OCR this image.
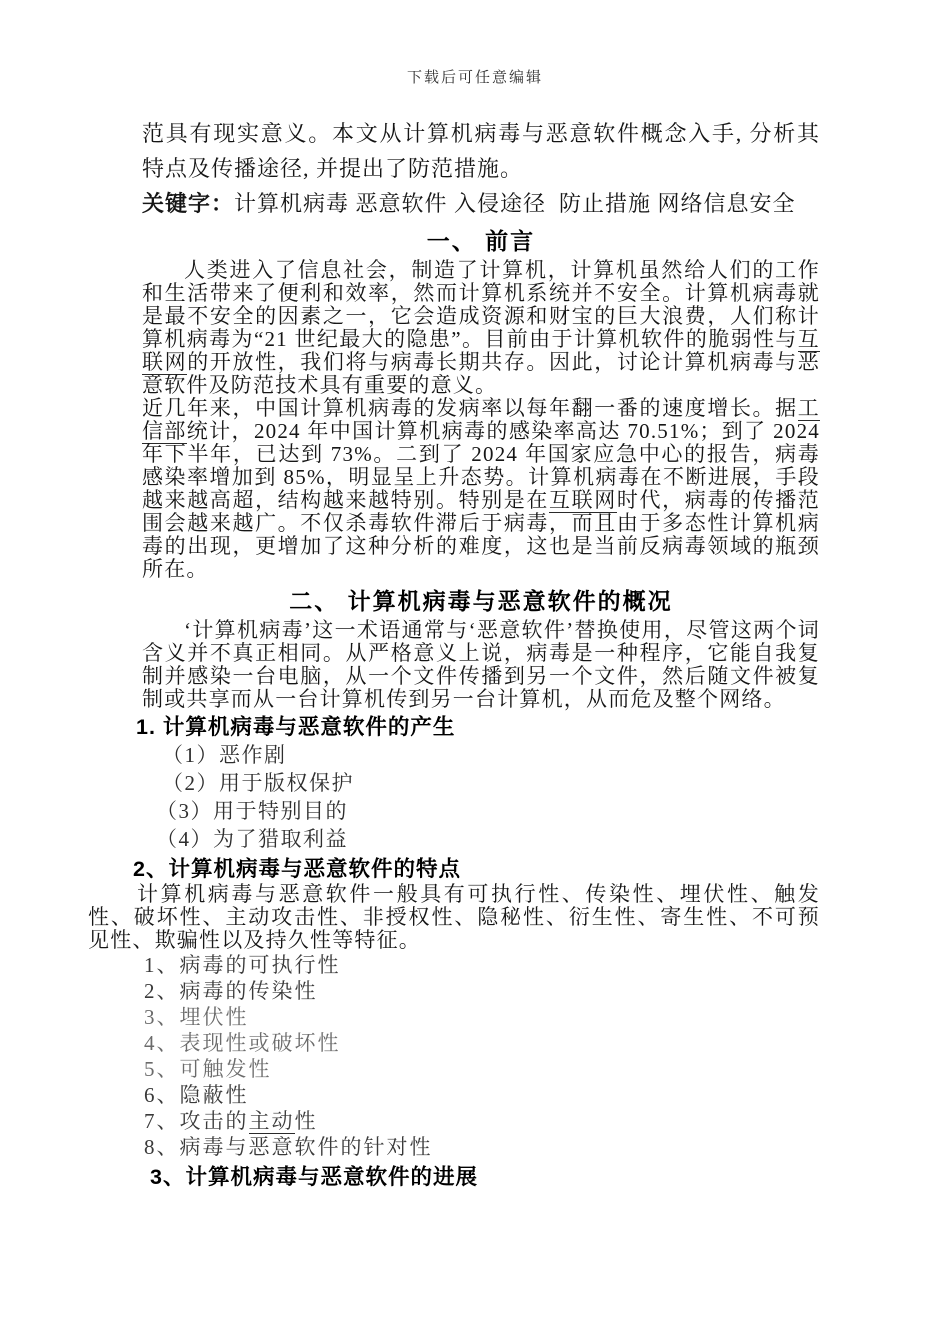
下载后可任意编辑
范具有现实意义。本文从计算机病毒与恶意软件概念入手, 分析其特点及传播途径, 并提出了防范措施。
关键字：计算机病毒 恶意软件 入侵途径  防止措施 网络信息安全
一、 前言
人类进入了信息社会，制造了计算机，计算机虽然给人们的工作和生活带来了便利和效率，然而计算机系统并不安全。计算机病毒就是最不安全的因素之一，它会造成资源和财宝的巨大浪费，人们称计算机病毒为“21 世纪最大的隐患”。目前由于计算机软件的脆弱性与互联网的开放性，我们将与病毒长期共存。因此，讨论计算机病毒与恶意软件及防范技术具有重要的意义。
近几年来，中国计算机病毒的发病率以每年翻一番的速度增长。据工信部统计，2024 年中国计算机病毒的感染率高达 70.51%；到了 2024 年下半年，已达到 73%。二到了 2024 年国家应急中心的报告，病毒感染率增加到 85%，明显呈上升态势。计算机病毒在不断进展，手段越来越高超，结构越来越特别。特别是在互联网时代，病毒的传播范围会越来越广。不仅杀毒软件滞后于病毒，而且由于多态性计算机病毒的出现，更增加了这种分析的难度，这也是当前反病毒领域的瓶颈所在。
二、 计算机病毒与恶意软件的概况
‘计算机病毒’这一术语通常与‘恶意软件’替换使用，尽管这两个词含义并不真正相同。从严格意义上说，病毒是一种程序，它能自我复制并感染一台电脑，从一个文件传播到另一个文件，然后随文件被复制或共享而从一台计算机传到另一台计算机，从而危及整个网络。
1. 计算机病毒与恶意软件的产生
（1）恶作剧
（2）用于版权保护
（3）用于特别目的
（4）为了猎取利益
2、计算机病毒与恶意软件的特点
计算机病毒与恶意软件一般具有可执行性、传染性、埋伏性、触发性、破坏性、主动攻击性、非授权性、隐秘性、衍生性、寄生性、不可预见性、欺骗性以及持久性等特征。
1、病毒的可执行性
2、病毒的传染性
3、埋伏性
4、表现性或破坏性
5、可触发性
6、隐蔽性
7、攻击的主动性
8、病毒与恶意软件的针对性
3、计算机病毒与恶意软件的进展
